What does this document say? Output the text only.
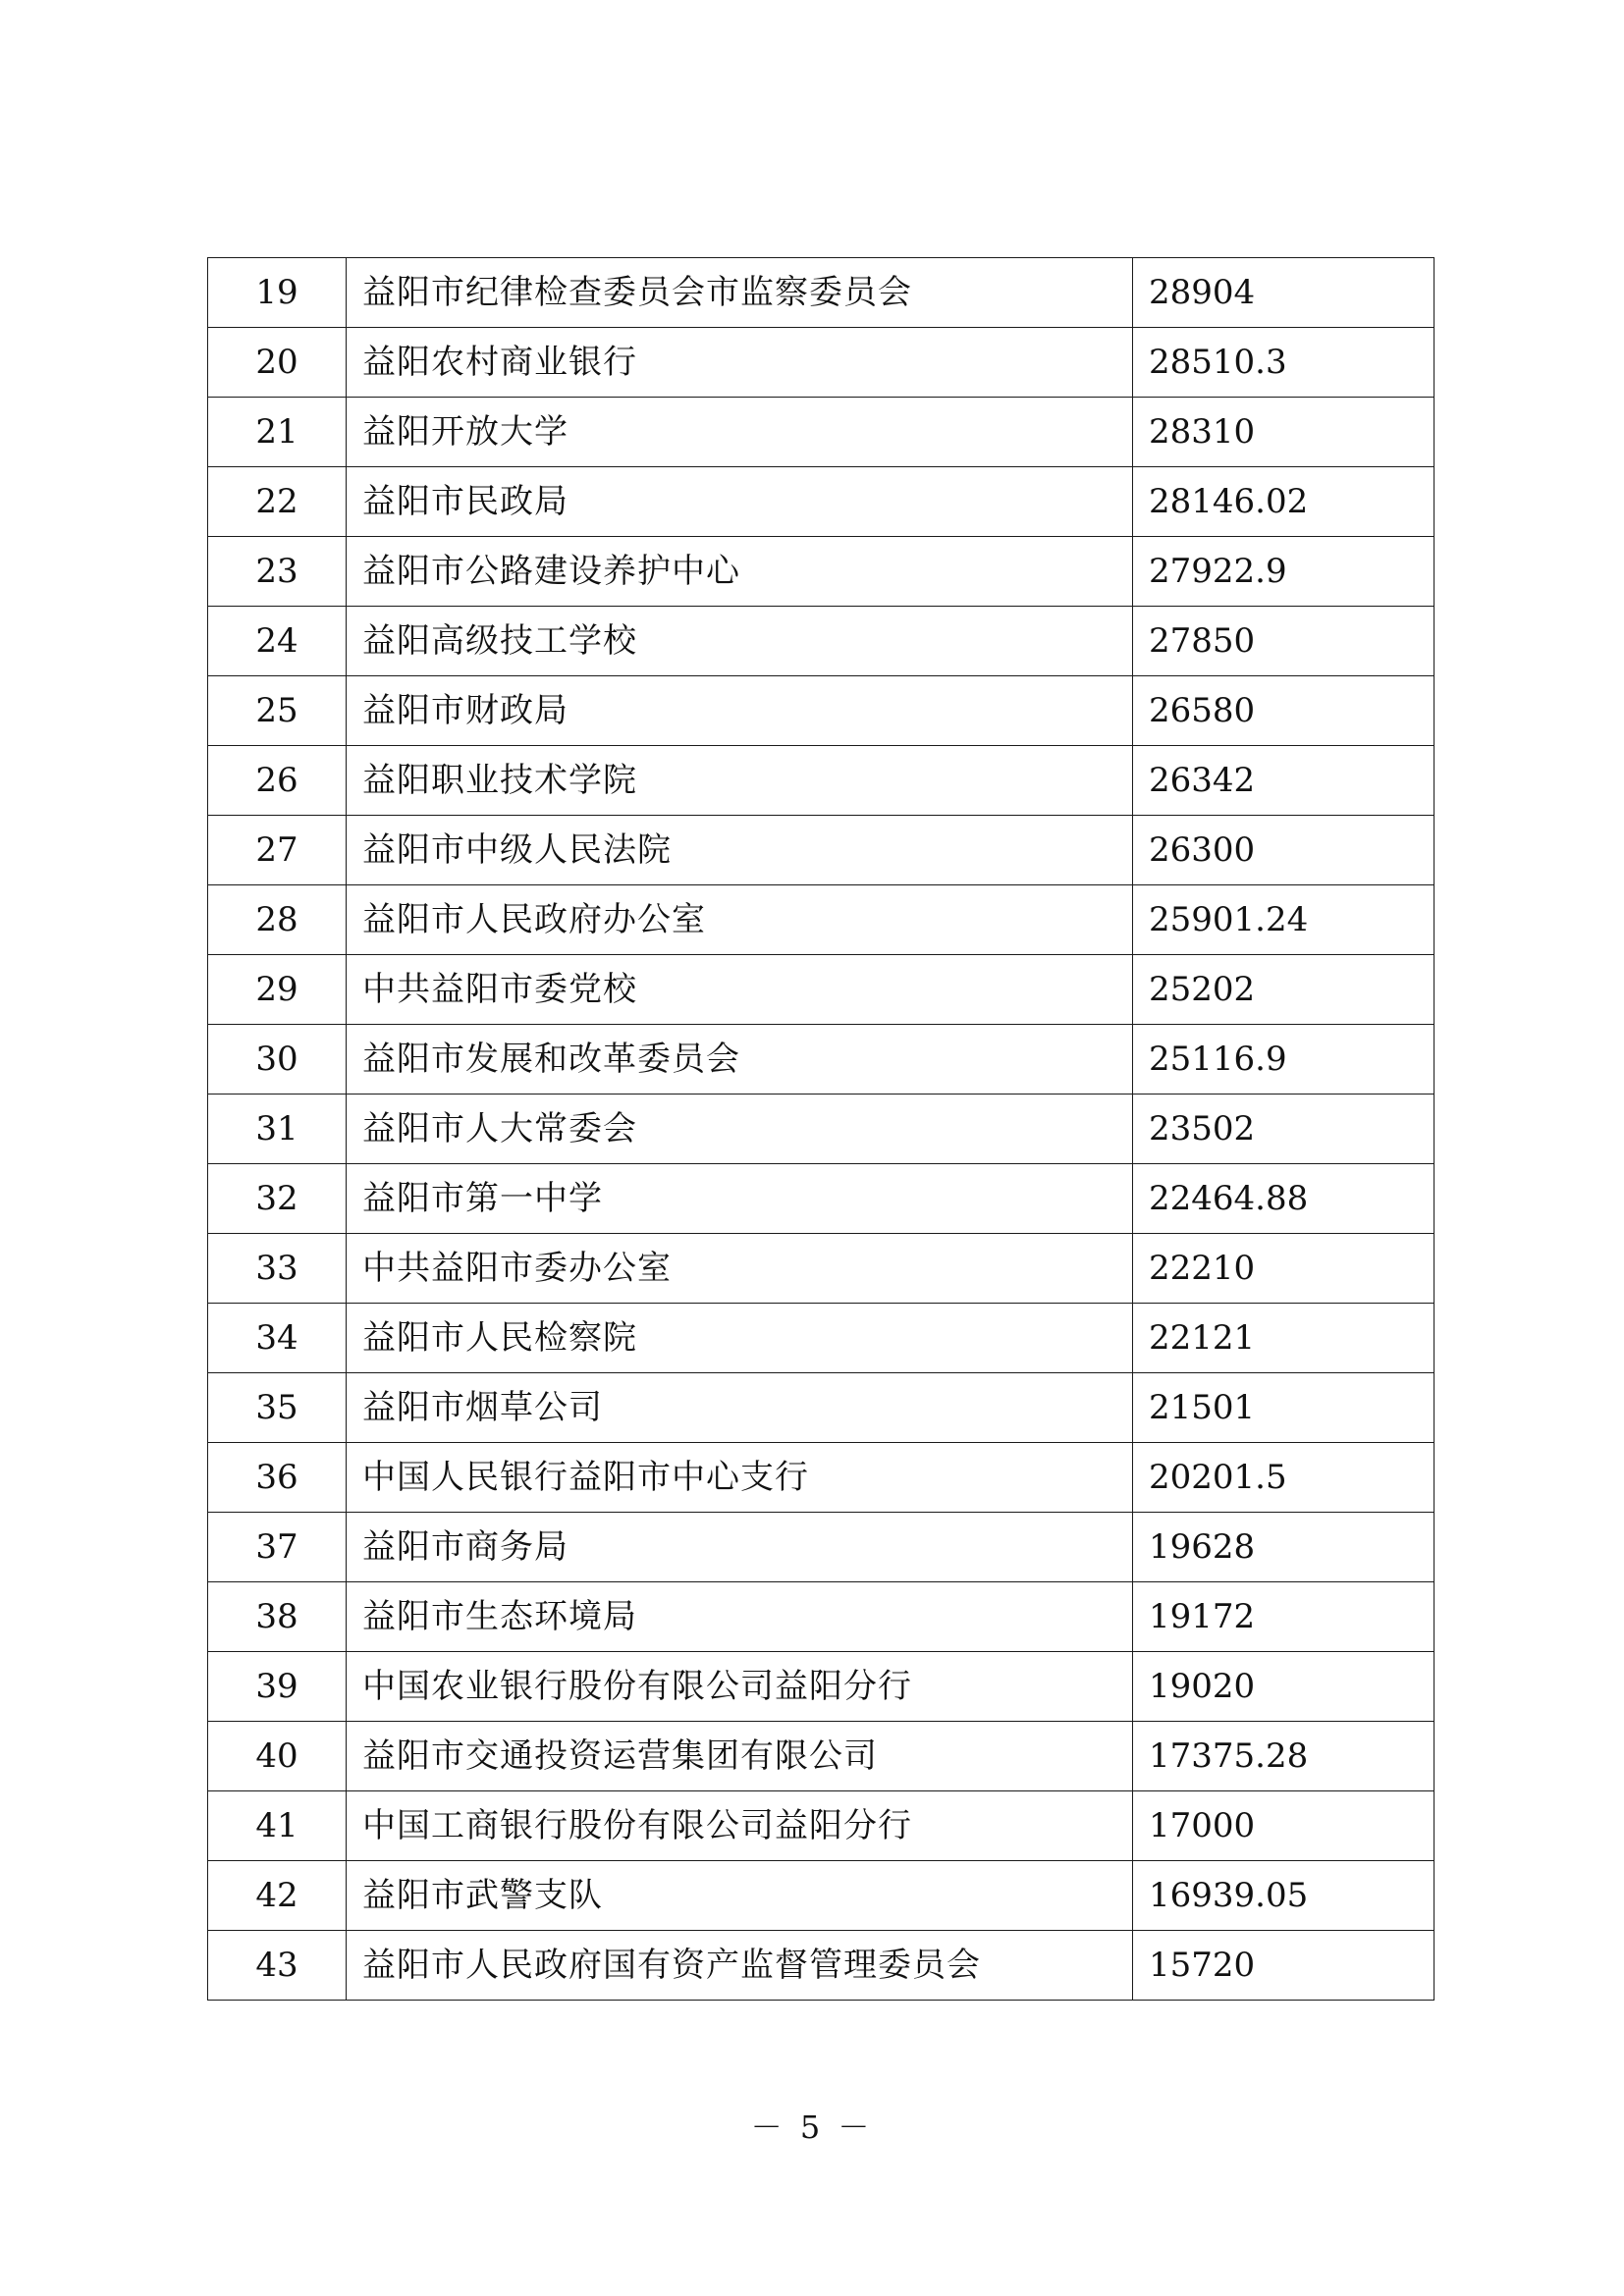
19	益阳市纪律检查委员会市监察委员会	28904
20	益阳农村商业银行	28510.3
21	益阳开放大学	28310
22	益阳市民政局	28146.02
23	益阳市公路建设养护中心	27922.9
24	益阳高级技工学校	27850
25	益阳市财政局	26580
26	益阳职业技术学院	26342
27	益阳市中级人民法院	26300
28	益阳市人民政府办公室	25901.24
29	中共益阳市委党校	25202
30	益阳市发展和改革委员会	25116.9
31	益阳市人大常委会	23502
32	益阳市第一中学	22464.88
33	中共益阳市委办公室	22210
34	益阳市人民检察院	22121
35	益阳市烟草公司	21501
36	中国人民银行益阳市中心支行	20201.5
37	益阳市商务局	19628
38	益阳市生态环境局	19172
39	中国农业银行股份有限公司益阳分行	19020
40	益阳市交通投资运营集团有限公司	17375.28
41	中国工商银行股份有限公司益阳分行	17000
42	益阳市武警支队	16939.05
43	益阳市人民政府国有资产监督管理委员会	15720
－ 5 －
